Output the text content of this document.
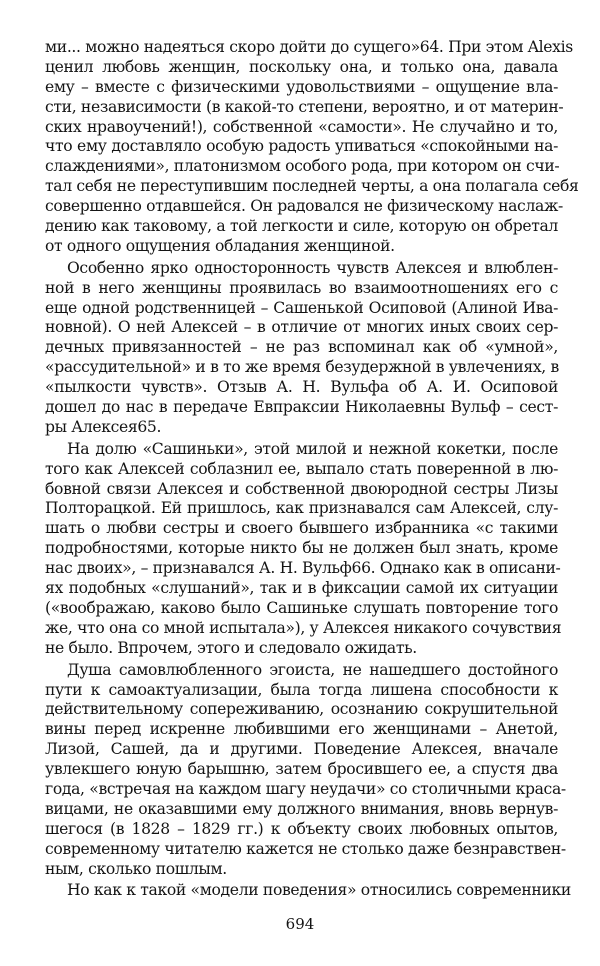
ми... можно надеяться скоро дойти до сущего»64. При этом Alexis
ценил любовь женщин, поскольку она, и только она, давала
ему – вместе с физическими удовольствиями – ощущение вла-
сти, независимости (в какой-то степени, вероятно, и от материн-
ских нравоучений!), собственной «самости». Не случайно и то,
что ему доставляло особую радость упиваться «спокойными на-
слаждениями», платонизмом особого рода, при котором он счи-
тал себя не переступившим последней черты, а она полагала себя
совершенно отдавшейся. Он радовался не физическому наслаж-
дению как таковому, а той легкости и силе, которую он обретал
от одного ощущения обладания женщиной.
Особенно ярко односторонность чувств Алексея и влюблен-
ной в него женщины проявилась во взаимоотношениях его с
еще одной родственницей – Сашенькой Осиповой (Алиной Ива-
новной). О ней Алексей – в отличие от многих иных своих сер-
дечных привязанностей – не раз вспоминал как об «умной»,
«рассудительной» и в то же время безудержной в увлечениях, в
«пылкости чувств». Отзыв А. Н. Вульфа об А. И. Осиповой
дошел до нас в передаче Евпраксии Николаевны Вульф – сест-
ры Алексея65.
На долю «Сашиньки», этой милой и нежной кокетки, после
того как Алексей соблазнил ее, выпало стать поверенной в лю-
бовной связи Алексея и собственной двоюродной сестры Лизы
Полторацкой. Ей пришлось, как признавался сам Алексей, слу-
шать о любви сестры и своего бывшего избранника «с такими
подробностями, которые никто бы не должен был знать, кроме
нас двоих», – признавался А. Н. Вульф66. Однако как в описани-
ях подобных «слушаний», так и в фиксации самой их ситуации
(«воображаю, каково было Сашиньке слушать повторение того
же, что она со мной испытала»), у Алексея никакого сочувствия
не было. Впрочем, этого и следовало ожидать.
Душа самовлюбленного эгоиста, не нашедшего достойного
пути к самоактуализации, была тогда лишена способности к
действительному сопереживанию, осознанию сокрушительной
вины перед искренне любившими его женщинами – Анетой,
Лизой, Сашей, да и другими. Поведение Алексея, вначале
увлекшего юную барышню, затем бросившего ее, а спустя два
года, «встречая на каждом шагу неудачи» со столичными краса-
вицами, не оказавшими ему должного внимания, вновь вернув-
шегося (в 1828 – 1829 гг.) к объекту своих любовных опытов,
современному читателю кажется не столько даже безнравствен-
ным, сколько пошлым.
Но как к такой «модели поведения» относились современники
694
